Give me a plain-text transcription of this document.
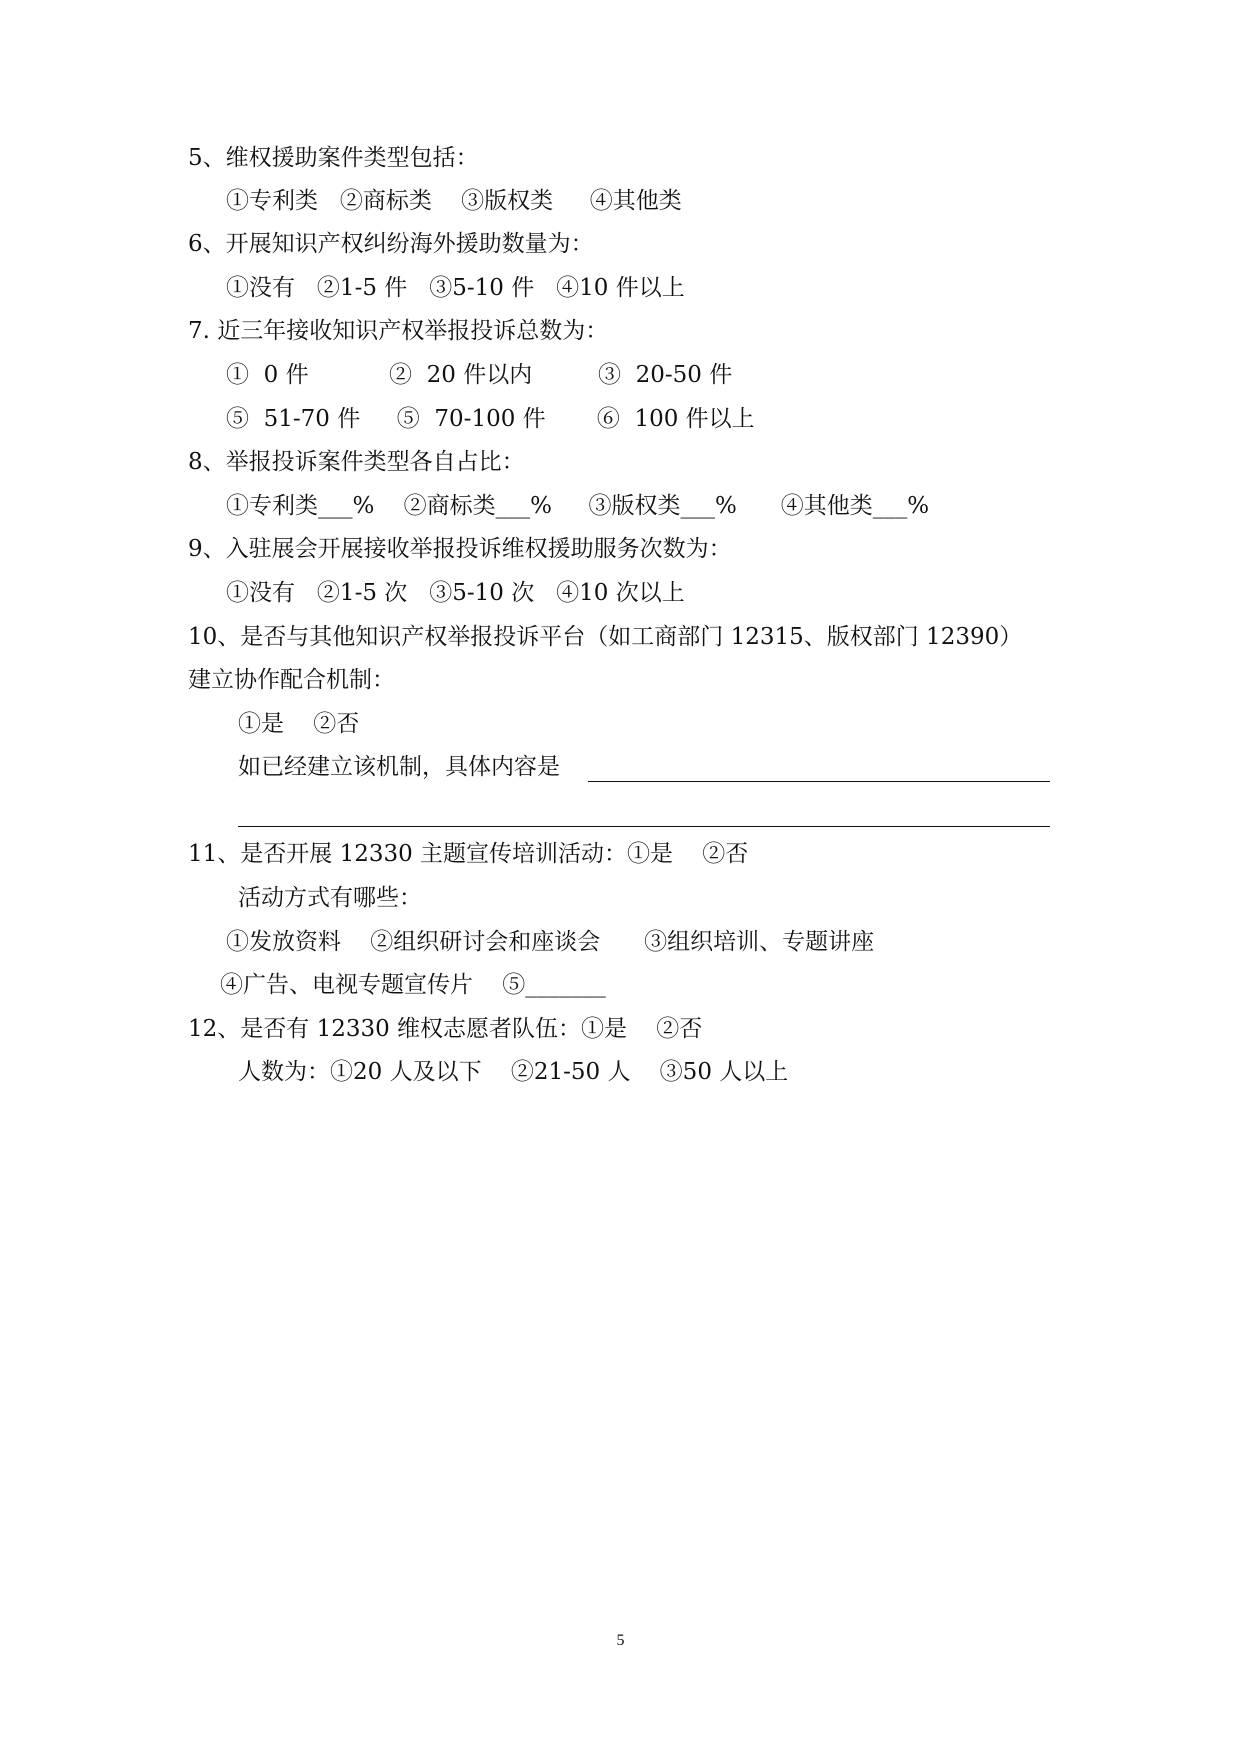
5、维权援助案件类型包括：
①专利类   ②商标类    ③版权类     ④其他类
6、开展知识产权纠纷海外援助数量为：
①没有   ②1-5 件   ③5-10 件   ④10 件以上
7. 近三年接收知识产权举报投诉总数为：
①  0 件           ②  20 件以内         ③  20-50 件
⑤  51-70 件     ⑤  70-100 件       ⑥  100 件以上
8、举报投诉案件类型各自占比：
①专利类___%    ②商标类___%     ③版权类___%      ④其他类___%
9、入驻展会开展接收举报投诉维权援助服务次数为：
①没有   ②1-5 次   ③5-10 次   ④10 次以上
10、是否与其他知识产权举报投诉平台（如工商部门 12315、版权部门 12390）
建立协作配合机制：
①是    ②否
如已经建立该机制，具体内容是
11、是否开展 12330 主题宣传培训活动：①是    ②否
活动方式有哪些：
①发放资料    ②组织研讨会和座谈会      ③组织培训、专题讲座
④广告、电视专题宣传片    ⑤_______
12、是否有 12330 维权志愿者队伍：①是    ②否
人数为：①20 人及以下    ②21-50 人    ③50 人以上
5
